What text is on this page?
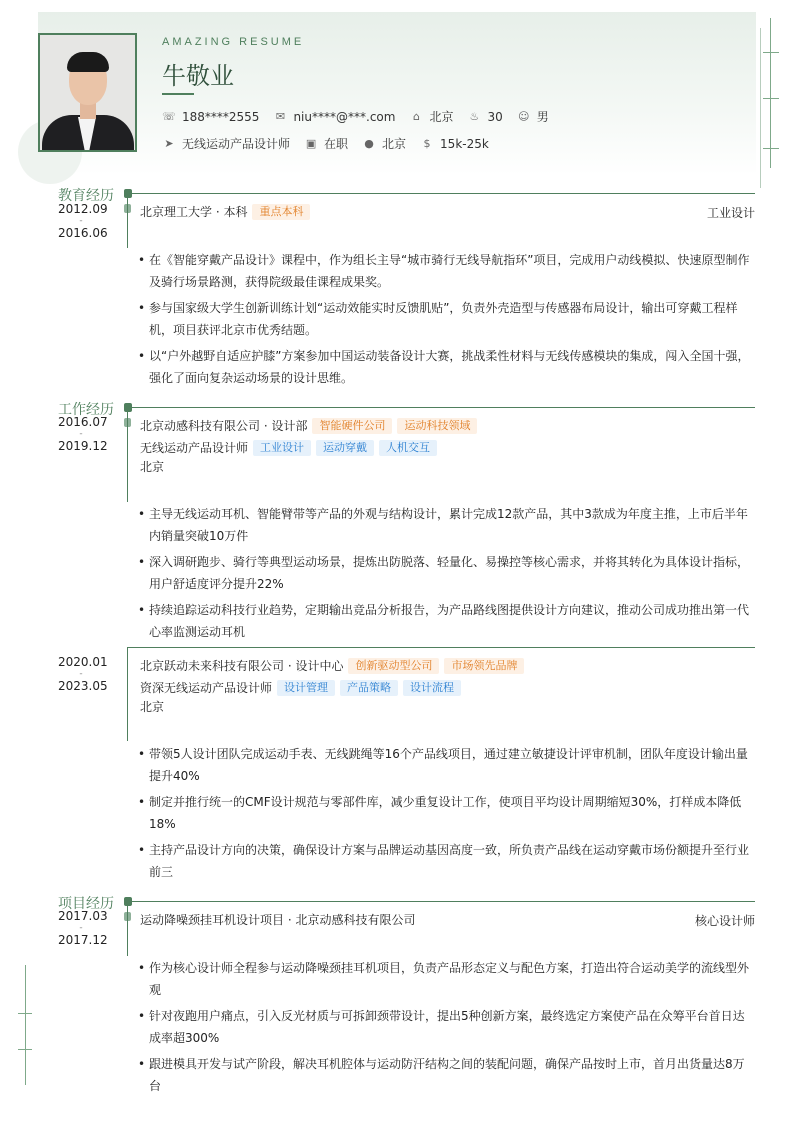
AMAZING RESUME
牛敬业
☏ 188****2555 ✉ niu****@***.com	⌂ 北京 ♨ 30 ☺ 男
➤ 无线运动产品设计师 ▣ 在职 ● 北京	$ 15k-25k
教育经历
2012.09
-
2016.06
北京理工大学 · 本科	重点本科	工业设计
• 在《智能穿戴产品设计》课程中，作为组长主导“城市骑行无线导航指环”项目，完成用户动线模拟、快速原型制作及骑行场景路测，获得院级最佳课程成果奖。
• 参与国家级大学生创新训练计划“运动效能实时反馈肌贴”，负责外壳造型与传感器布局设计，输出可穿戴工程样机，项目获评北京市优秀结题。
• 以“户外越野自适应护膝”方案参加中国运动装备设计大赛，挑战柔性材料与无线传感模块的集成，闯入全国十强，强化了面向复杂运动场景的设计思维。
工作经历
2016.07
-
2019.12
北京动感科技有限公司 · 设计部	智能硬件公司	运动科技领域
无线运动产品设计师	工业设计	运动穿戴	人机交互
北京
• 主导无线运动耳机、智能臂带等产品的外观与结构设计，累计完成12款产品，其中3款成为年度主推，上市后半年内销量突破10万件
• 深入调研跑步、骑行等典型运动场景，提炼出防脱落、轻量化、易操控等核心需求，并将其转化为具体设计指标，用户舒适度评分提升22%
• 持续追踪运动科技行业趋势，定期输出竞品分析报告，为产品路线图提供设计方向建议，推动公司成功推出第一代心率监测运动耳机
2020.01
-
2023.05
北京跃动未来科技有限公司 · 设计中心	创新驱动型公司	市场领先品牌
资深无线运动产品设计师	设计管理	产品策略	设计流程
北京
• 带领5人设计团队完成运动手表、无线跳绳等16个产品线项目，通过建立敏捷设计评审机制，团队年度设计输出量提升40%
• 制定并推行统一的CMF设计规范与零部件库，减少重复设计工作，使项目平均设计周期缩短30%，打样成本降低18%
• 主持产品设计方向的决策，确保设计方案与品牌运动基因高度一致，所负责产品线在运动穿戴市场份额提升至行业前三
项目经历
2017.03
-
2017.12
运动降噪颈挂耳机设计项目 · 北京动感科技有限公司	核心设计师
• 作为核心设计师全程参与运动降噪颈挂耳机项目，负责产品形态定义与配色方案，打造出符合运动美学的流线型外观
• 针对夜跑用户痛点，引入反光材质与可拆卸颈带设计，提出5种创新方案，最终选定方案使产品在众筹平台首日达成率超300%
• 跟进模具开发与试产阶段，解决耳机腔体与运动防汗结构之间的装配问题，确保产品按时上市，首月出货量达8万台
